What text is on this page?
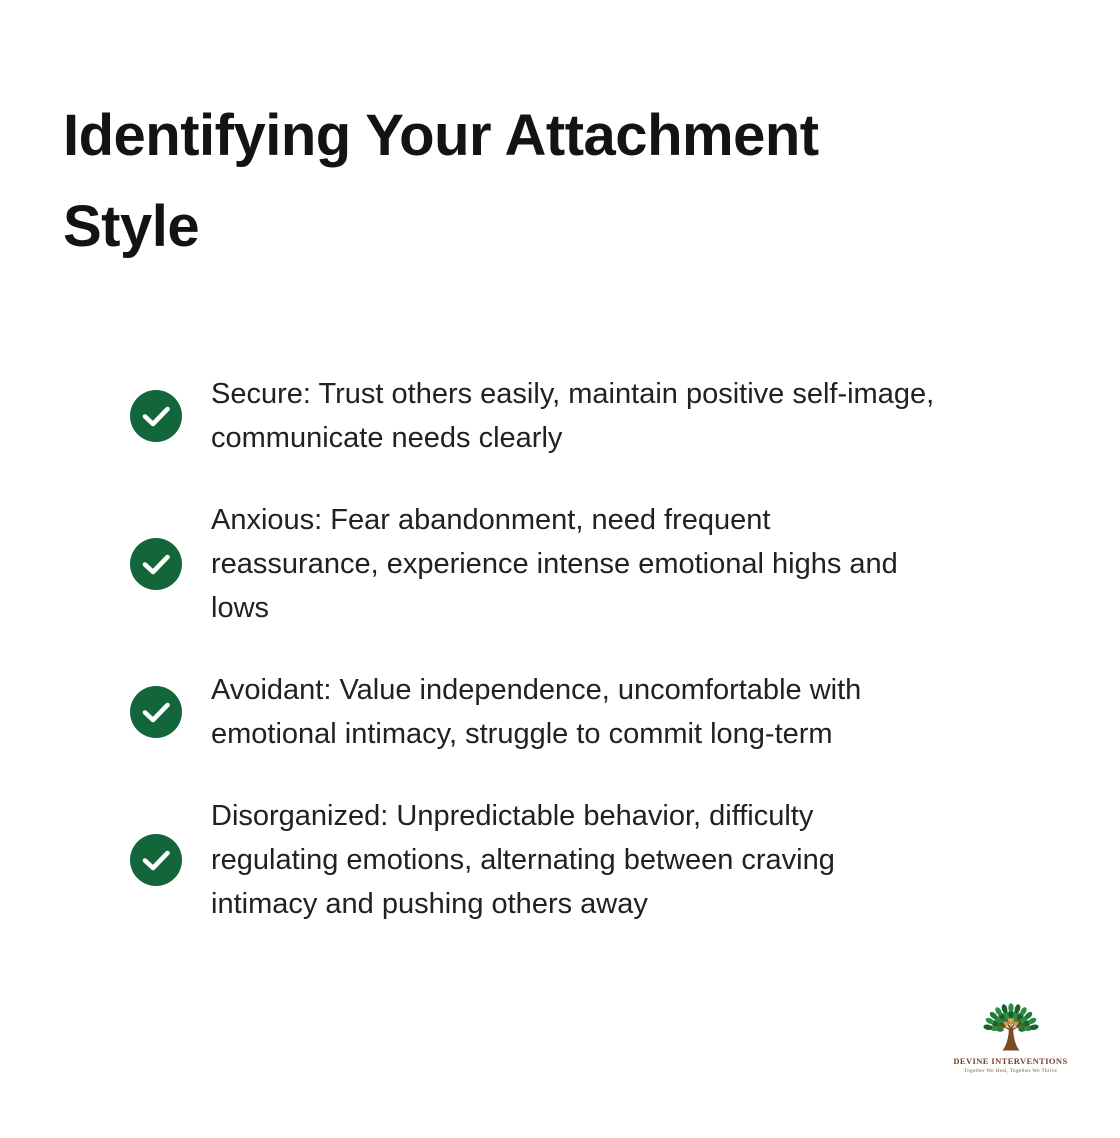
Identifying Your Attachment Style

Secure: Trust others easily, maintain positive self-image,
communicate needs clearly

Anxious: Fear abandonment, need frequent
reassurance, experience intense emotional highs and
lows

Avoidant: Value independence, uncomfortable with
emotional intimacy, struggle to commit long-term

Disorganized: Unpredictable behavior, difficulty
regulating emotions, alternating between craving
intimacy and pushing others away

DEVINE INTERVENTIONS
Together We Heal, Together We Thrive
